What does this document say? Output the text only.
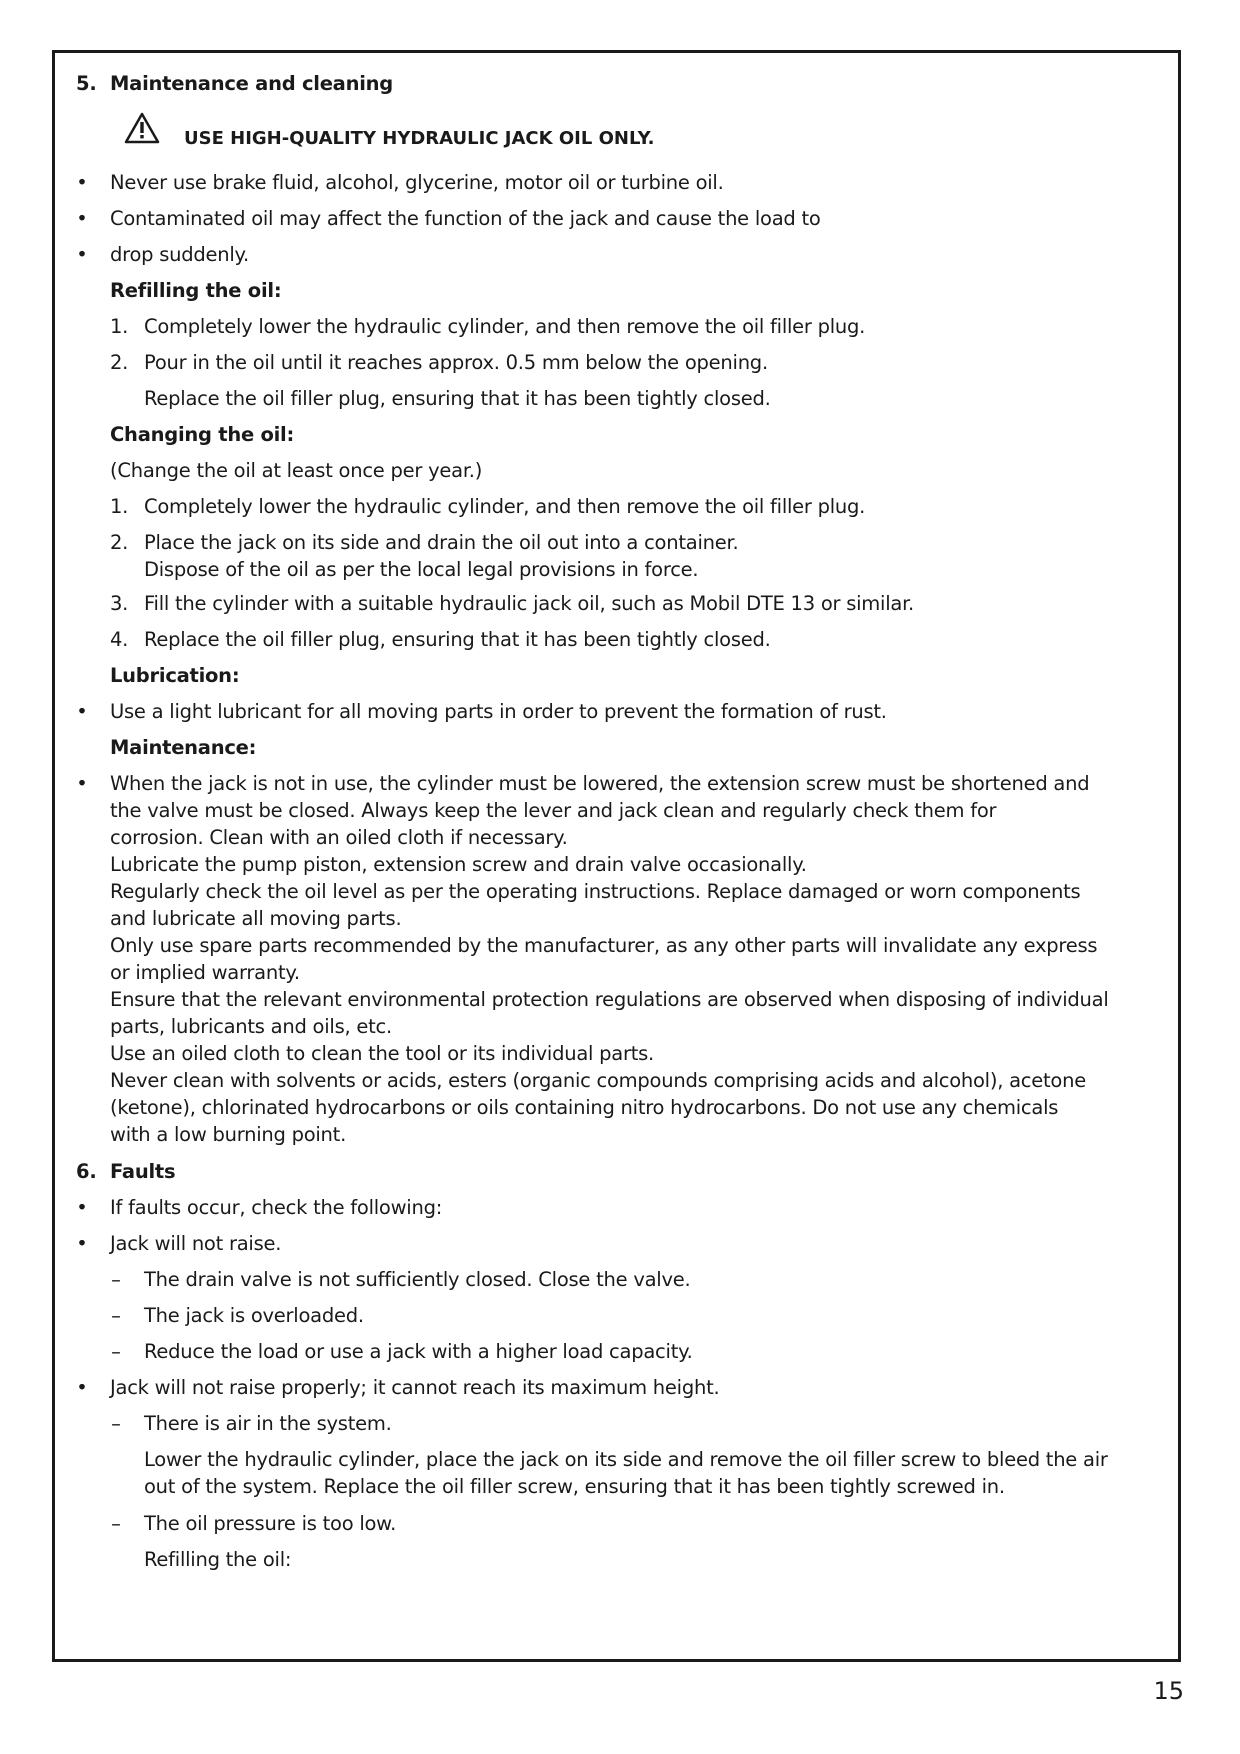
5. Maintenance and cleaning
USE HIGH-QUALITY HYDRAULIC JACK OIL ONLY.
• Never use brake fluid, alcohol, glycerine, motor oil or turbine oil.
• Contaminated oil may affect the function of the jack and cause the load to
• drop suddenly.
Refilling the oil:
1. Completely lower the hydraulic cylinder, and then remove the oil filler plug.
2. Pour in the oil until it reaches approx. 0.5 mm below the opening.
Replace the oil filler plug, ensuring that it has been tightly closed.
Changing the oil:
(Change the oil at least once per year.)
1. Completely lower the hydraulic cylinder, and then remove the oil filler plug.
2. Place the jack on its side and drain the oil out into a container.
Dispose of the oil as per the local legal provisions in force.
3. Fill the cylinder with a suitable hydraulic jack oil, such as Mobil DTE 13 or similar.
4. Replace the oil filler plug, ensuring that it has been tightly closed.
Lubrication:
• Use a light lubricant for all moving parts in order to prevent the formation of rust.
Maintenance:
• When the jack is not in use, the cylinder must be lowered, the extension screw must be shortened and
the valve must be closed. Always keep the lever and jack clean and regularly check them for
corrosion. Clean with an oiled cloth if necessary.
Lubricate the pump piston, extension screw and drain valve occasionally.
Regularly check the oil level as per the operating instructions. Replace damaged or worn components
and lubricate all moving parts.
Only use spare parts recommended by the manufacturer, as any other parts will invalidate any express
or implied warranty.
Ensure that the relevant environmental protection regulations are observed when disposing of individual
parts, lubricants and oils, etc.
Use an oiled cloth to clean the tool or its individual parts.
Never clean with solvents or acids, esters (organic compounds comprising acids and alcohol), acetone
(ketone), chlorinated hydrocarbons or oils containing nitro hydrocarbons. Do not use any chemicals
with a low burning point.
6. Faults
• If faults occur, check the following:
• Jack will not raise.
– The drain valve is not sufficiently closed. Close the valve.
– The jack is overloaded.
– Reduce the load or use a jack with a higher load capacity.
• Jack will not raise properly; it cannot reach its maximum height.
– There is air in the system.
Lower the hydraulic cylinder, place the jack on its side and remove the oil filler screw to bleed the air
out of the system. Replace the oil filler screw, ensuring that it has been tightly screwed in.
– The oil pressure is too low.
Refilling the oil:
15
